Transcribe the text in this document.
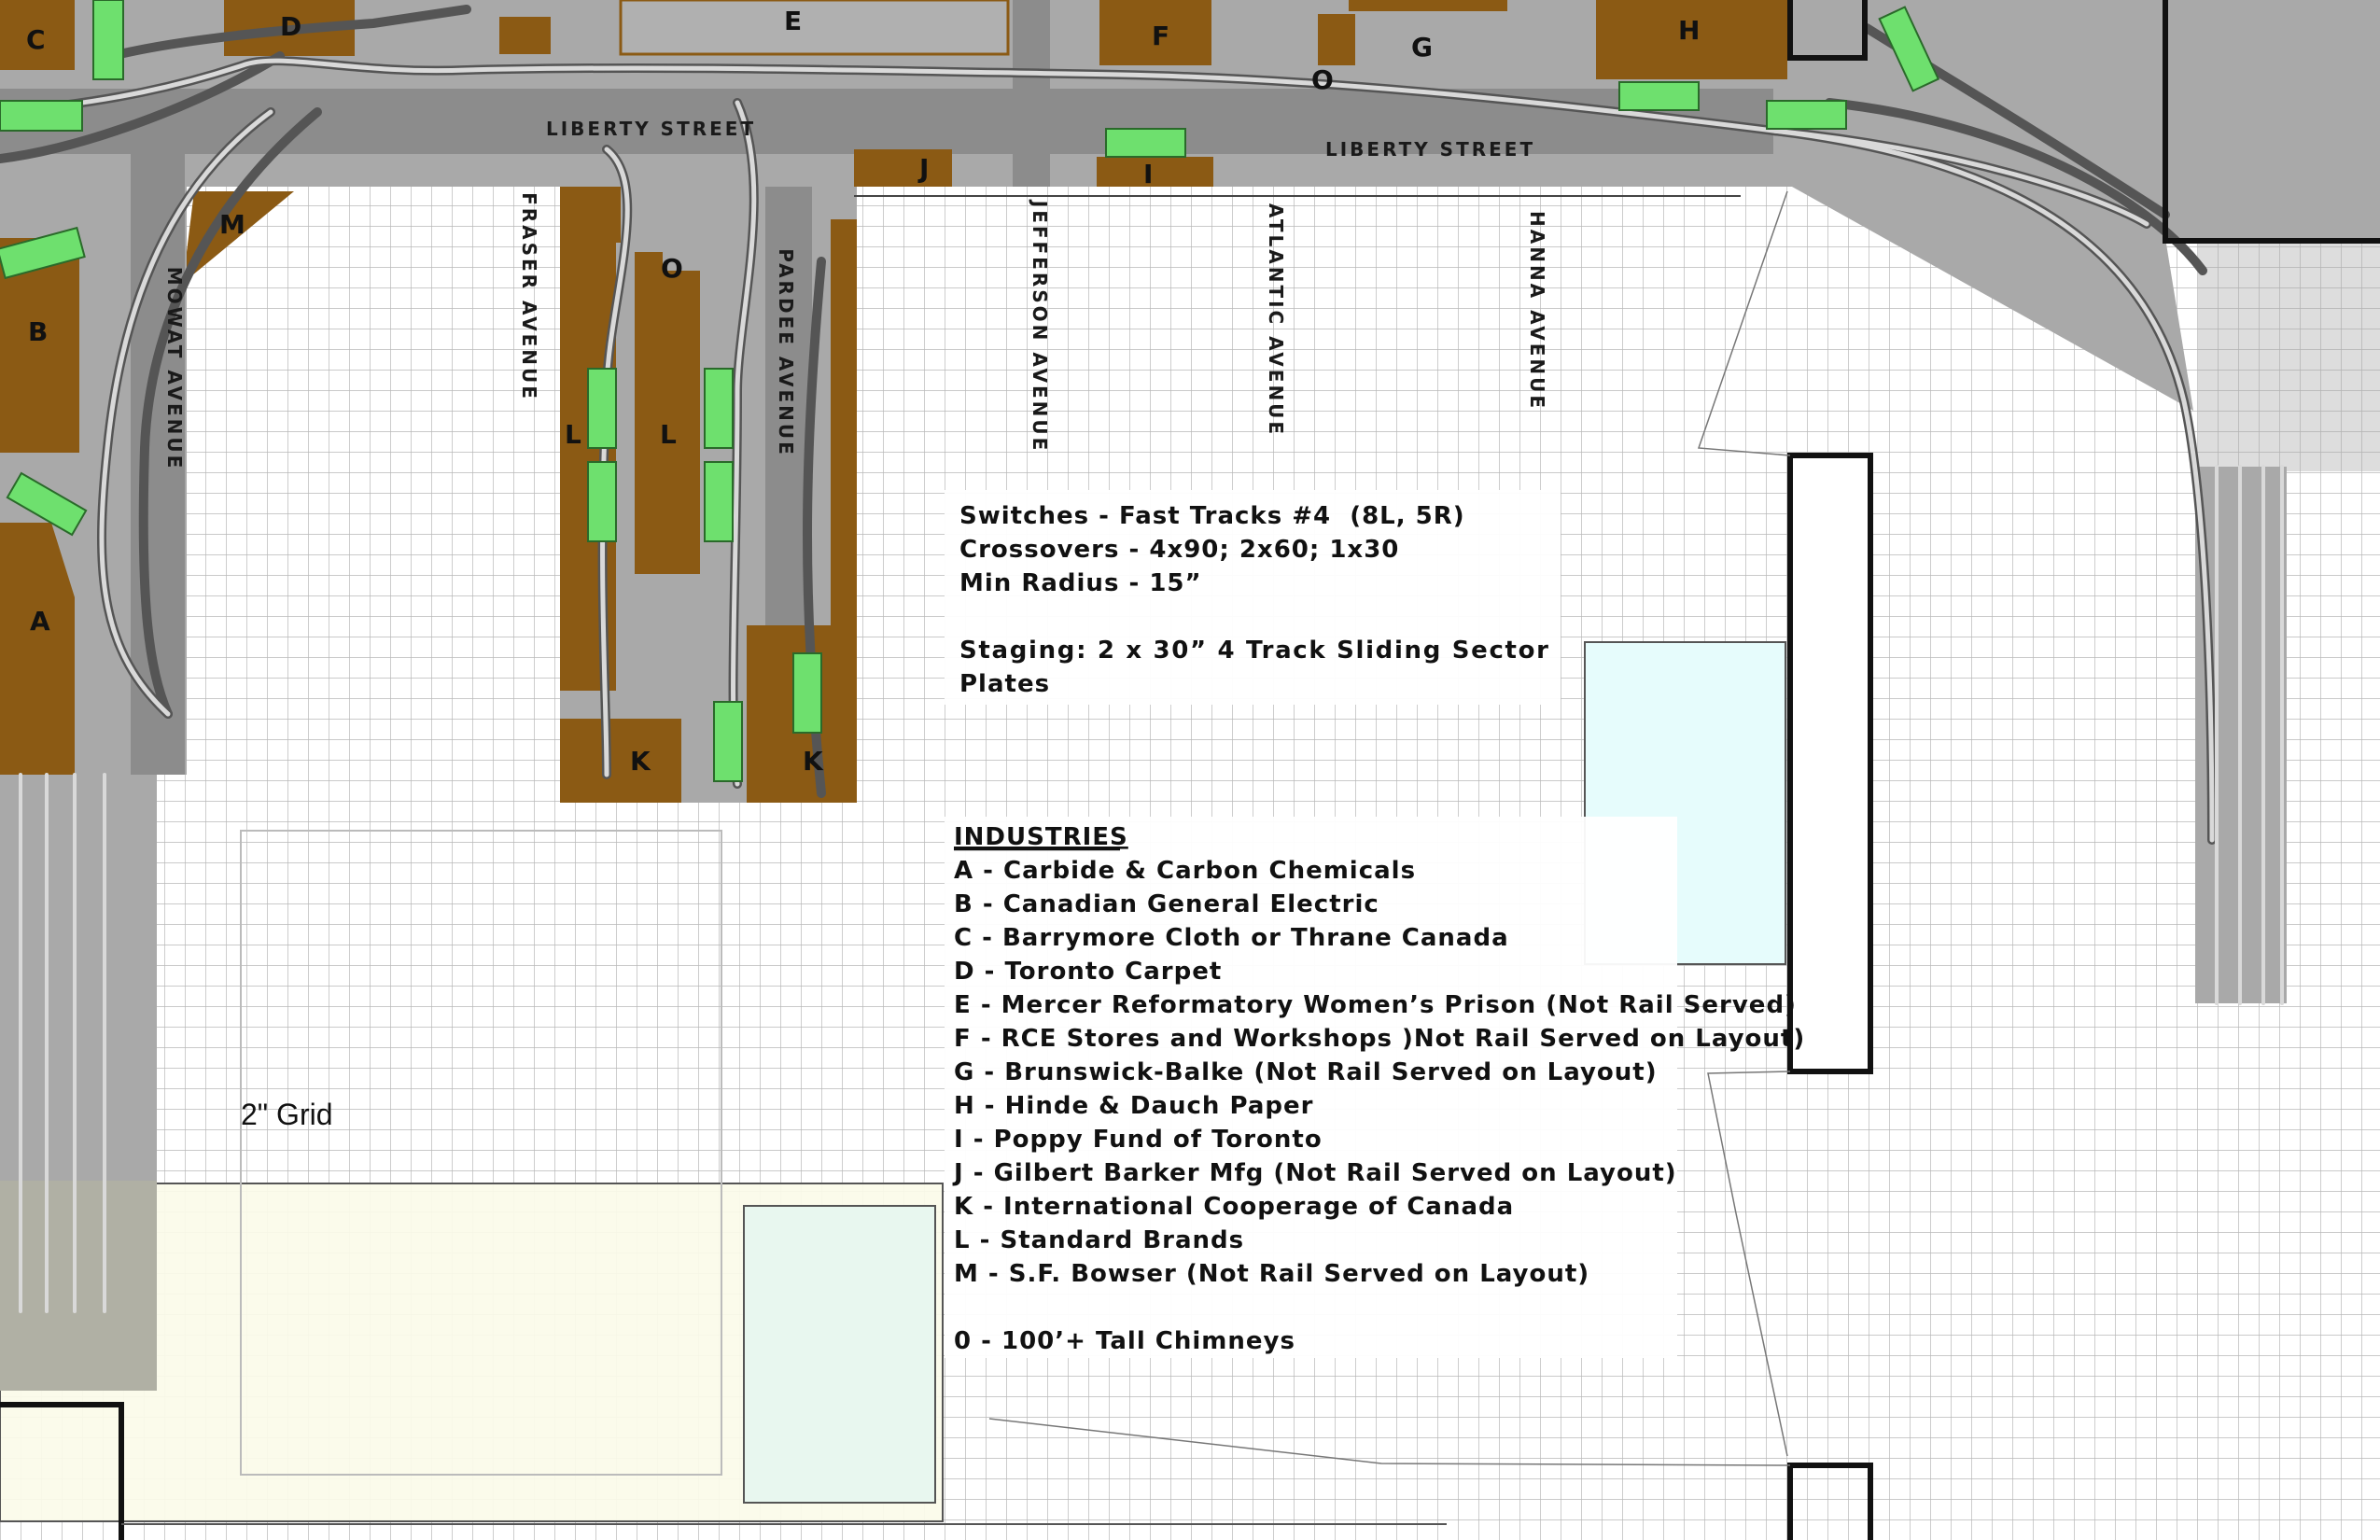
LIBERTY STREET
LIBERTY STREET
MOWAT AVENUE	FRASER AVENUE	PARDEE AVENUE	JEFFERSON AVENUE	ATLANTIC AVENUE	HANNA AVENUE
C	D	E	F
O
G
H
J	I
M
B
O
L	L
A
K	K
Switches - Fast Tracks #4  (8L, 5R)
Crossovers - 4x90; 2x60; 1x30
Min Radius - 15”
Staging: 2 x 30” 4 Track Sliding Sector
Plates
INDUSTRIES
A - Carbide & Carbon Chemicals
B - Canadian General Electric
C - Barrymore Cloth or Thrane Canada
D - Toronto Carpet
E - Mercer Reformatory Women’s Prison (Not Rail Served)
F - RCE Stores and Workshops )Not Rail Served on Layout)
G - Brunswick-Balke (Not Rail Served on Layout)
H - Hinde & Dauch Paper
I - Poppy Fund of Toronto
J - Gilbert Barker Mfg (Not Rail Served on Layout)
K - International Cooperage of Canada
L - Standard Brands
M - S.F. Bowser (Not Rail Served on Layout)
0 - 100’+ Tall Chimneys
2" Grid
